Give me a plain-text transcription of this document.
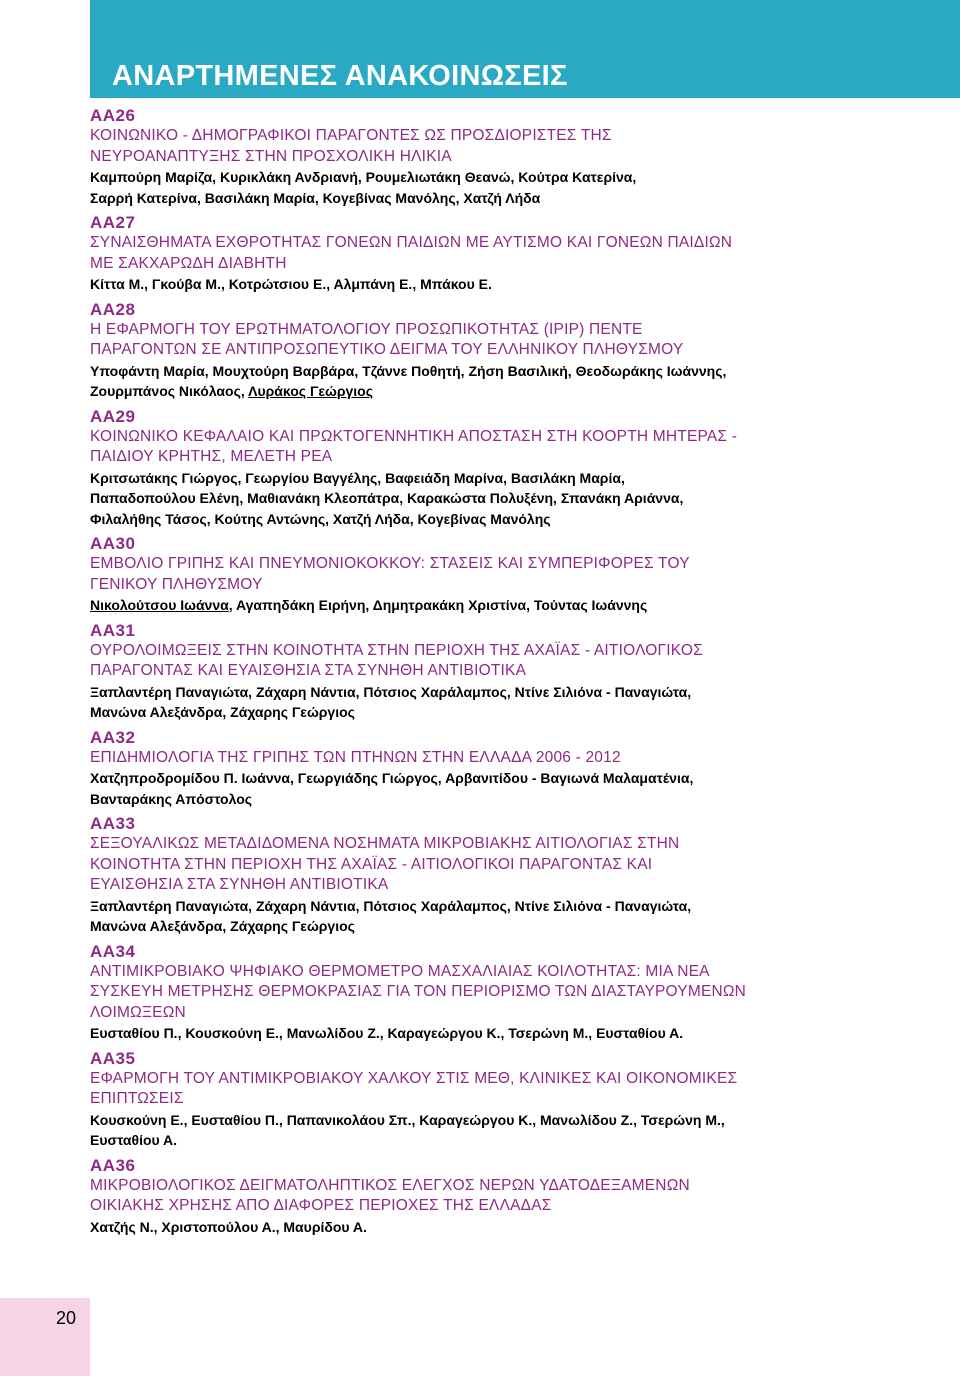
ΑΝΑΡΤΗΜΕΝΕΣ ΑΝΑΚΟΙΝΩΣΕΙΣ
AA26
ΚΟΙΝΩΝΙΚΟ - ΔΗΜΟΓΡΑΦΙΚΟΙ ΠΑΡΑΓΟΝΤΕΣ ΩΣ ΠΡΟΣΔΙΟΡΙΣΤΕΣ ΤΗΣ
ΝΕΥΡΟΑΝΑΠΤΥΞΗΣ ΣΤΗΝ ΠΡΟΣΧΟΛΙΚΗ ΗΛΙΚΙΑ
Καμπούρη Μαρίζα, Κυρικλάκη Ανδριανή, Ρουμελιωτάκη Θεανώ, Κούτρα Κατερίνα,
Σαρρή Κατερίνα, Βασιλάκη Μαρία, Κογεβίνας Μανόλης, Χατζή Λήδα
AA27
ΣΥΝΑΙΣΘΗΜΑΤΑ ΕΧΘΡΟΤΗΤΑΣ ΓΟΝΕΩΝ ΠΑΙΔΙΩΝ ΜΕ ΑΥΤΙΣΜΟ ΚΑΙ ΓΟΝΕΩΝ ΠΑΙΔΙΩΝ
ΜΕ ΣΑΚΧΑΡΩΔΗ ΔΙΑΒΗΤΗ
Κίττα Μ., Γκούβα Μ., Κοτρώτσιου Ε., Αλμπάνη Ε., Μπάκου Ε.
AA28
Η ΕΦΑΡΜΟΓΗ ΤΟΥ ΕΡΩΤΗΜΑΤΟΛΟΓΙΟΥ ΠΡΟΣΩΠΙΚΟΤΗΤΑΣ (IPIP) ΠΕΝΤΕ
ΠΑΡΑΓΟΝΤΩΝ ΣΕ ΑΝΤΙΠΡΟΣΩΠΕΥΤΙΚΟ ΔΕΙΓΜΑ ΤΟΥ ΕΛΛΗΝΙΚΟΥ ΠΛΗΘΥΣΜΟΥ
Υποφάντη Μαρία, Μουχτούρη Βαρβάρα, Τζάννε Ποθητή, Ζήση Βασιλική, Θεοδωράκης Ιωάννης,
Ζουρμπάνος Νικόλαος, Λυράκος Γεώργιος
AA29
ΚΟΙΝΩΝΙΚΟ ΚΕΦΑΛΑΙΟ ΚΑΙ ΠΡΩΚΤΟΓΕΝΝΗΤΙΚΗ ΑΠΟΣΤΑΣΗ ΣΤΗ ΚΟΟΡΤΗ ΜΗΤΕΡΑΣ -
ΠΑΙΔΙΟΥ ΚΡΗΤΗΣ, ΜΕΛΕΤΗ ΡΕΑ
Κριτσωτάκης Γιώργος, Γεωργίου Βαγγέλης, Βαφειάδη Μαρίνα, Βασιλάκη Μαρία,
Παπαδοπούλου Ελένη, Μαθιανάκη Κλεοπάτρα, Καρακώστα Πολυξένη, Σπανάκη Αριάννα,
Φιλαλήθης Τάσος, Κούτης Αντώνης, Χατζή Λήδα, Κογεβίνας Μανόλης
AA30
ΕΜΒΟΛΙΟ ΓΡΙΠΗΣ ΚΑΙ ΠΝΕΥΜΟΝΙΟΚΟΚΚΟΥ: ΣΤΑΣΕΙΣ ΚΑΙ ΣΥΜΠΕΡΙΦΟΡΕΣ ΤΟΥ
ΓΕΝΙΚΟΥ ΠΛΗΘΥΣΜΟΥ
Νικολούτσου Ιωάννα, Αγαπηδάκη Ειρήνη, Δημητρακάκη Χριστίνα, Τούντας Ιωάννης
AA31
ΟΥΡΟΛΟΙΜΩΞΕΙΣ ΣΤΗΝ ΚΟΙΝΟΤΗΤΑ ΣΤΗΝ ΠΕΡΙΟΧΗ ΤΗΣ ΑΧΑΪΑΣ - ΑΙΤΙΟΛΟΓΙΚΟΣ
ΠΑΡΑΓΟΝΤΑΣ ΚΑΙ ΕΥΑΙΣΘΗΣΙΑ ΣΤΑ ΣΥΝΗΘΗ ΑΝΤΙΒΙΟΤΙΚΑ
Ξαπλαντέρη Παναγιώτα, Ζάχαρη Νάντια, Πότσιος Χαράλαμπος, Ντίνε Σιλιόνα - Παναγιώτα,
Μανώνα Αλεξάνδρα, Ζάχαρης Γεώργιος
AA32
ΕΠΙΔΗΜΙΟΛΟΓΙΑ ΤΗΣ ΓΡΙΠΗΣ ΤΩΝ ΠΤΗΝΩΝ ΣΤΗΝ ΕΛΛΑΔΑ 2006 - 2012
Χατζηπροδρομίδου Π. Ιωάννα, Γεωργιάδης Γιώργος, Αρβανιτίδου - Βαγιωνά Μαλαματένια,
Βανταράκης Απόστολος
AA33
ΣΕΞΟΥΑΛΙΚΩΣ ΜΕΤΑΔΙΔΟΜΕΝΑ ΝΟΣΗΜΑΤΑ ΜΙΚΡΟΒΙΑΚΗΣ ΑΙΤΙΟΛΟΓΙΑΣ ΣΤΗΝ
ΚΟΙΝΟΤΗΤΑ ΣΤΗΝ ΠΕΡΙΟΧΗ ΤΗΣ ΑΧΑΪΑΣ - ΑΙΤΙΟΛΟΓΙΚΟΙ ΠΑΡΑΓΟΝΤΑΣ ΚΑΙ
ΕΥΑΙΣΘΗΣΙΑ ΣΤΑ ΣΥΝΗΘΗ ΑΝΤΙΒΙΟΤΙΚΑ
Ξαπλαντέρη Παναγιώτα, Ζάχαρη Νάντια, Πότσιος Χαράλαμπος, Ντίνε Σιλιόνα - Παναγιώτα,
Μανώνα Αλεξάνδρα, Ζάχαρης Γεώργιος
AA34
ΑΝΤΙΜΙΚΡΟΒΙΑΚΟ ΨΗΦΙΑΚΟ ΘΕΡΜΟΜΕΤΡΟ ΜΑΣΧΑΛΙΑΙΑΣ ΚΟΙΛΟΤΗΤΑΣ: ΜΙΑ ΝΕΑ
ΣΥΣΚΕΥΗ ΜΕΤΡΗΣΗΣ ΘΕΡΜΟΚΡΑΣΙΑΣ ΓΙΑ ΤΟΝ ΠΕΡΙΟΡΙΣΜΟ ΤΩΝ ΔΙΑΣΤΑΥΡΟΥΜΕΝΩΝ
ΛΟΙΜΩΞΕΩΝ
Ευσταθίου Π., Κουσκούνη Ε., Μανωλίδου Ζ., Καραγεώργου Κ., Τσερώνη Μ., Ευσταθίου Α.
AA35
ΕΦΑΡΜΟΓΗ ΤΟΥ ΑΝΤΙΜΙΚΡΟΒΙΑΚΟΥ ΧΑΛΚΟΥ ΣΤΙΣ ΜΕΘ, ΚΛΙΝΙΚΕΣ ΚΑΙ ΟΙΚΟΝΟΜΙΚΕΣ
ΕΠΙΠΤΩΣΕΙΣ
Κουσκούνη Ε., Ευσταθίου Π., Παπανικολάου Σπ., Καραγεώργου Κ., Μανωλίδου Ζ., Τσερώνη Μ.,
Ευσταθίου Α.
AA36
ΜΙΚΡΟΒΙΟΛΟΓΙΚΟΣ ΔΕΙΓΜΑΤΟΛΗΠΤΙΚΟΣ ΕΛΕΓΧΟΣ ΝΕΡΩΝ ΥΔΑΤΟΔΕΞΑΜΕΝΩΝ
ΟΙΚΙΑΚΗΣ ΧΡΗΣΗΣ ΑΠΟ ΔΙΑΦΟΡΕΣ ΠΕΡΙΟΧΕΣ ΤΗΣ ΕΛΛΑΔΑΣ
Χατζής Ν., Χριστοπούλου Α., Μαυρίδου Α.
20
